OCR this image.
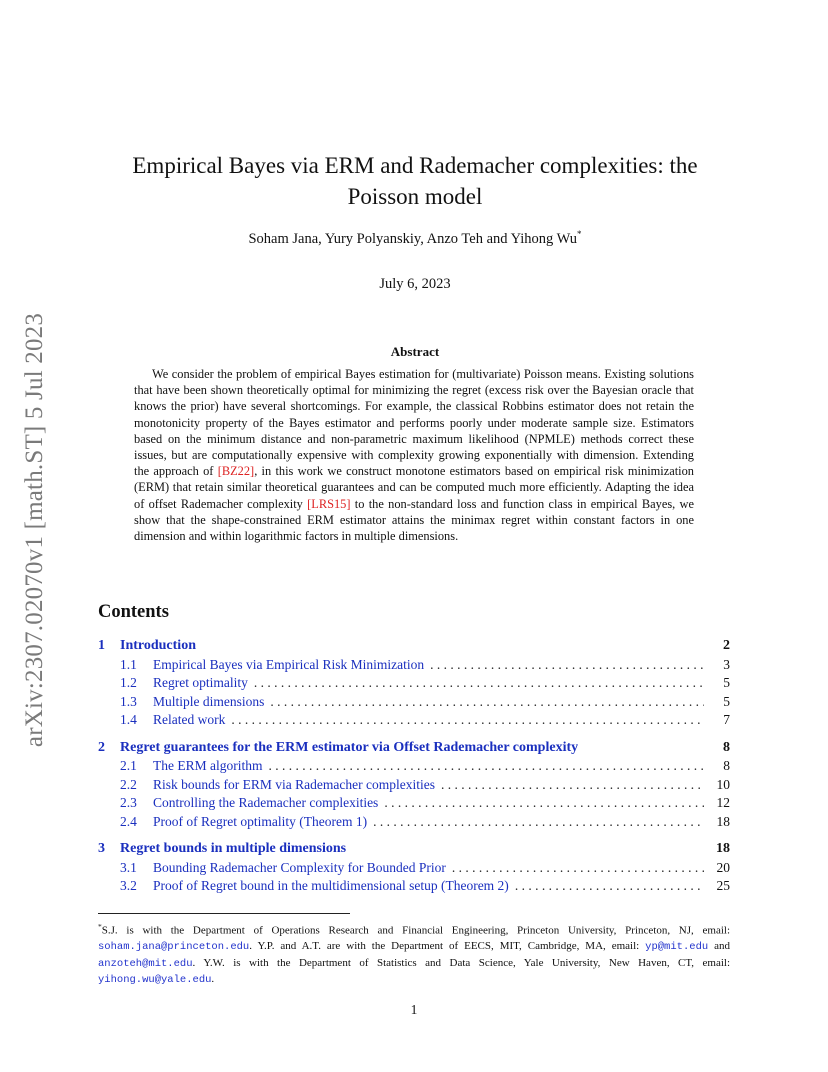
arXiv:2307.02070v1 [math.ST] 5 Jul 2023
Empirical Bayes via ERM and Rademacher complexities: the
Poisson model
Soham Jana, Yury Polyanskiy, Anzo Teh and Yihong Wu*
July 6, 2023
Abstract

We consider the problem of empirical Bayes estimation for (multivariate) Poisson means. Existing solutions that have been shown theoretically optimal for minimizing the regret (excess risk over the Bayesian oracle that knows the prior) have several shortcomings. For example, the classical Robbins estimator does not retain the monotonicity property of the Bayes estimator and performs poorly under moderate sample size. Estimators based on the minimum distance and non-parametric maximum likelihood (NPMLE) methods correct these issues, but are computationally expensive with complexity growing exponentially with dimension. Extending the approach of [BZ22], in this work we construct monotone estimators based on empirical risk minimization (ERM) that retain similar theoretical guarantees and can be computed much more efficiently. Adapting the idea of offset Rademacher complexity [LRS15] to the non-standard loss and function class in empirical Bayes, we show that the shape-constrained ERM estimator attains the minimax regret within constant factors in one dimension and within logarithmic factors in multiple dimensions.

Contents
1	Introduction	2
1.1	Empirical Bayes via Empirical Risk Minimization . . .	3
1.2	Regret optimality . . .	5
1.3	Multiple dimensions . . .	5
1.4	Related work . . .	7
2	Regret guarantees for the ERM estimator via Offset Rademacher complexity	8
2.1	The ERM algorithm . . .	8
2.2	Risk bounds for ERM via Rademacher complexities . . .	10
2.3	Controlling the Rademacher complexities . . .	12
2.4	Proof of Regret optimality (Theorem 1) . . .	18
3	Regret bounds in multiple dimensions	18
3.1	Bounding Rademacher Complexity for Bounded Prior . . .	20
3.2	Proof of Regret bound in the multidimensional setup (Theorem 2) . . .	25

*S.J. is with the Department of Operations Research and Financial Engineering, Princeton University, Princeton, NJ, email: soham.jana@princeton.edu. Y.P. and A.T. are with the Department of EECS, MIT, Cambridge, MA, email: yp@mit.edu and anzoteh@mit.edu. Y.W. is with the Department of Statistics and Data Science, Yale University, New Haven, CT, email: yihong.wu@yale.edu.

1
